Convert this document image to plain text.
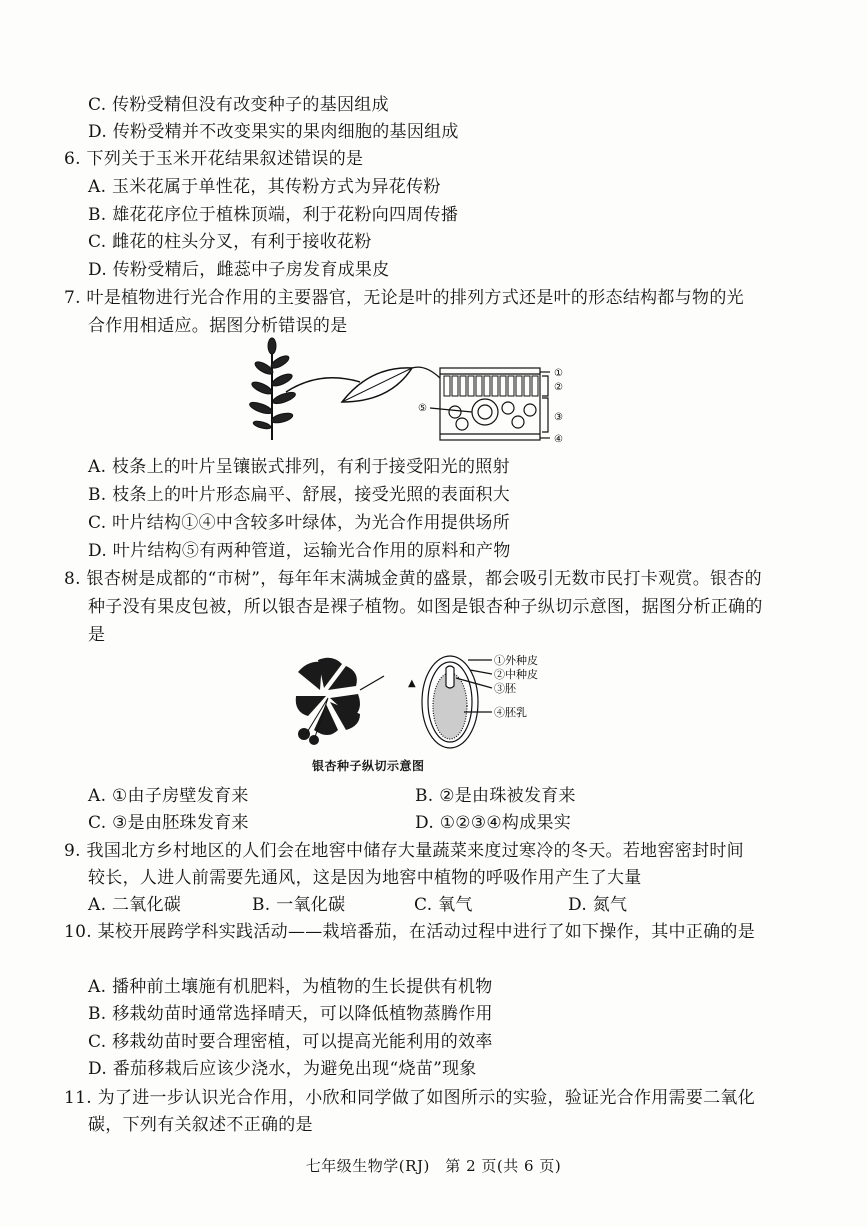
C. 传粉受精但没有改变种子的基因组成
D. 传粉受精并不改变果实的果肉细胞的基因组成
6. 下列关于玉米开花结果叙述错误的是
A. 玉米花属于单性花，其传粉方式为异花传粉
B. 雄花花序位于植株顶端，利于花粉向四周传播
C. 雌花的柱头分叉，有利于接收花粉
D. 传粉受精后，雌蕊中子房发育成果皮
7. 叶是植物进行光合作用的主要器官，无论是叶的排列方式还是叶的形态结构都与物的光
合作用相适应。据图分析错误的是
①
②
③
④
⑤
A. 枝条上的叶片呈镶嵌式排列，有利于接受阳光的照射
B. 枝条上的叶片形态扁平、舒展，接受光照的表面积大
C. 叶片结构①④中含较多叶绿体，为光合作用提供场所
D. 叶片结构⑤有两种管道，运输光合作用的原料和产物
8. 银杏树是成都的“市树”，每年年末满城金黄的盛景，都会吸引无数市民打卡观赏。银杏的
种子没有果皮包被，所以银杏是裸子植物。如图是银杏种子纵切示意图，据图分析正确的
是
▲
①外种皮
②中种皮
③胚
④胚乳
银杏种子纵切示意图
A. ①由子房壁发育来	B. ②是由珠被发育来
C. ③是由胚珠发育来	D. ①②③④构成果实
9. 我国北方乡村地区的人们会在地窖中储存大量蔬菜来度过寒冷的冬天。若地窖密封时间
较长，人进人前需要先通风，这是因为地窖中植物的呼吸作用产生了大量
A. 二氧化碳	B. 一氧化碳	C. 氧气	D. 氮气
10. 某校开展跨学科实践活动——栽培番茄，在活动过程中进行了如下操作，其中正确的是
A. 播种前土壤施有机肥料，为植物的生长提供有机物
B. 移栽幼苗时通常选择晴天，可以降低植物蒸腾作用
C. 移栽幼苗时要合理密植，可以提高光能利用的效率
D. 番茄移栽后应该少浇水，为避免出现“烧苗”现象
11. 为了进一步认识光合作用，小欣和同学做了如图所示的实验，验证光合作用需要二氧化
碳，下列有关叙述不正确的是
七年级生物学(RJ)　第 2 页(共 6 页)
